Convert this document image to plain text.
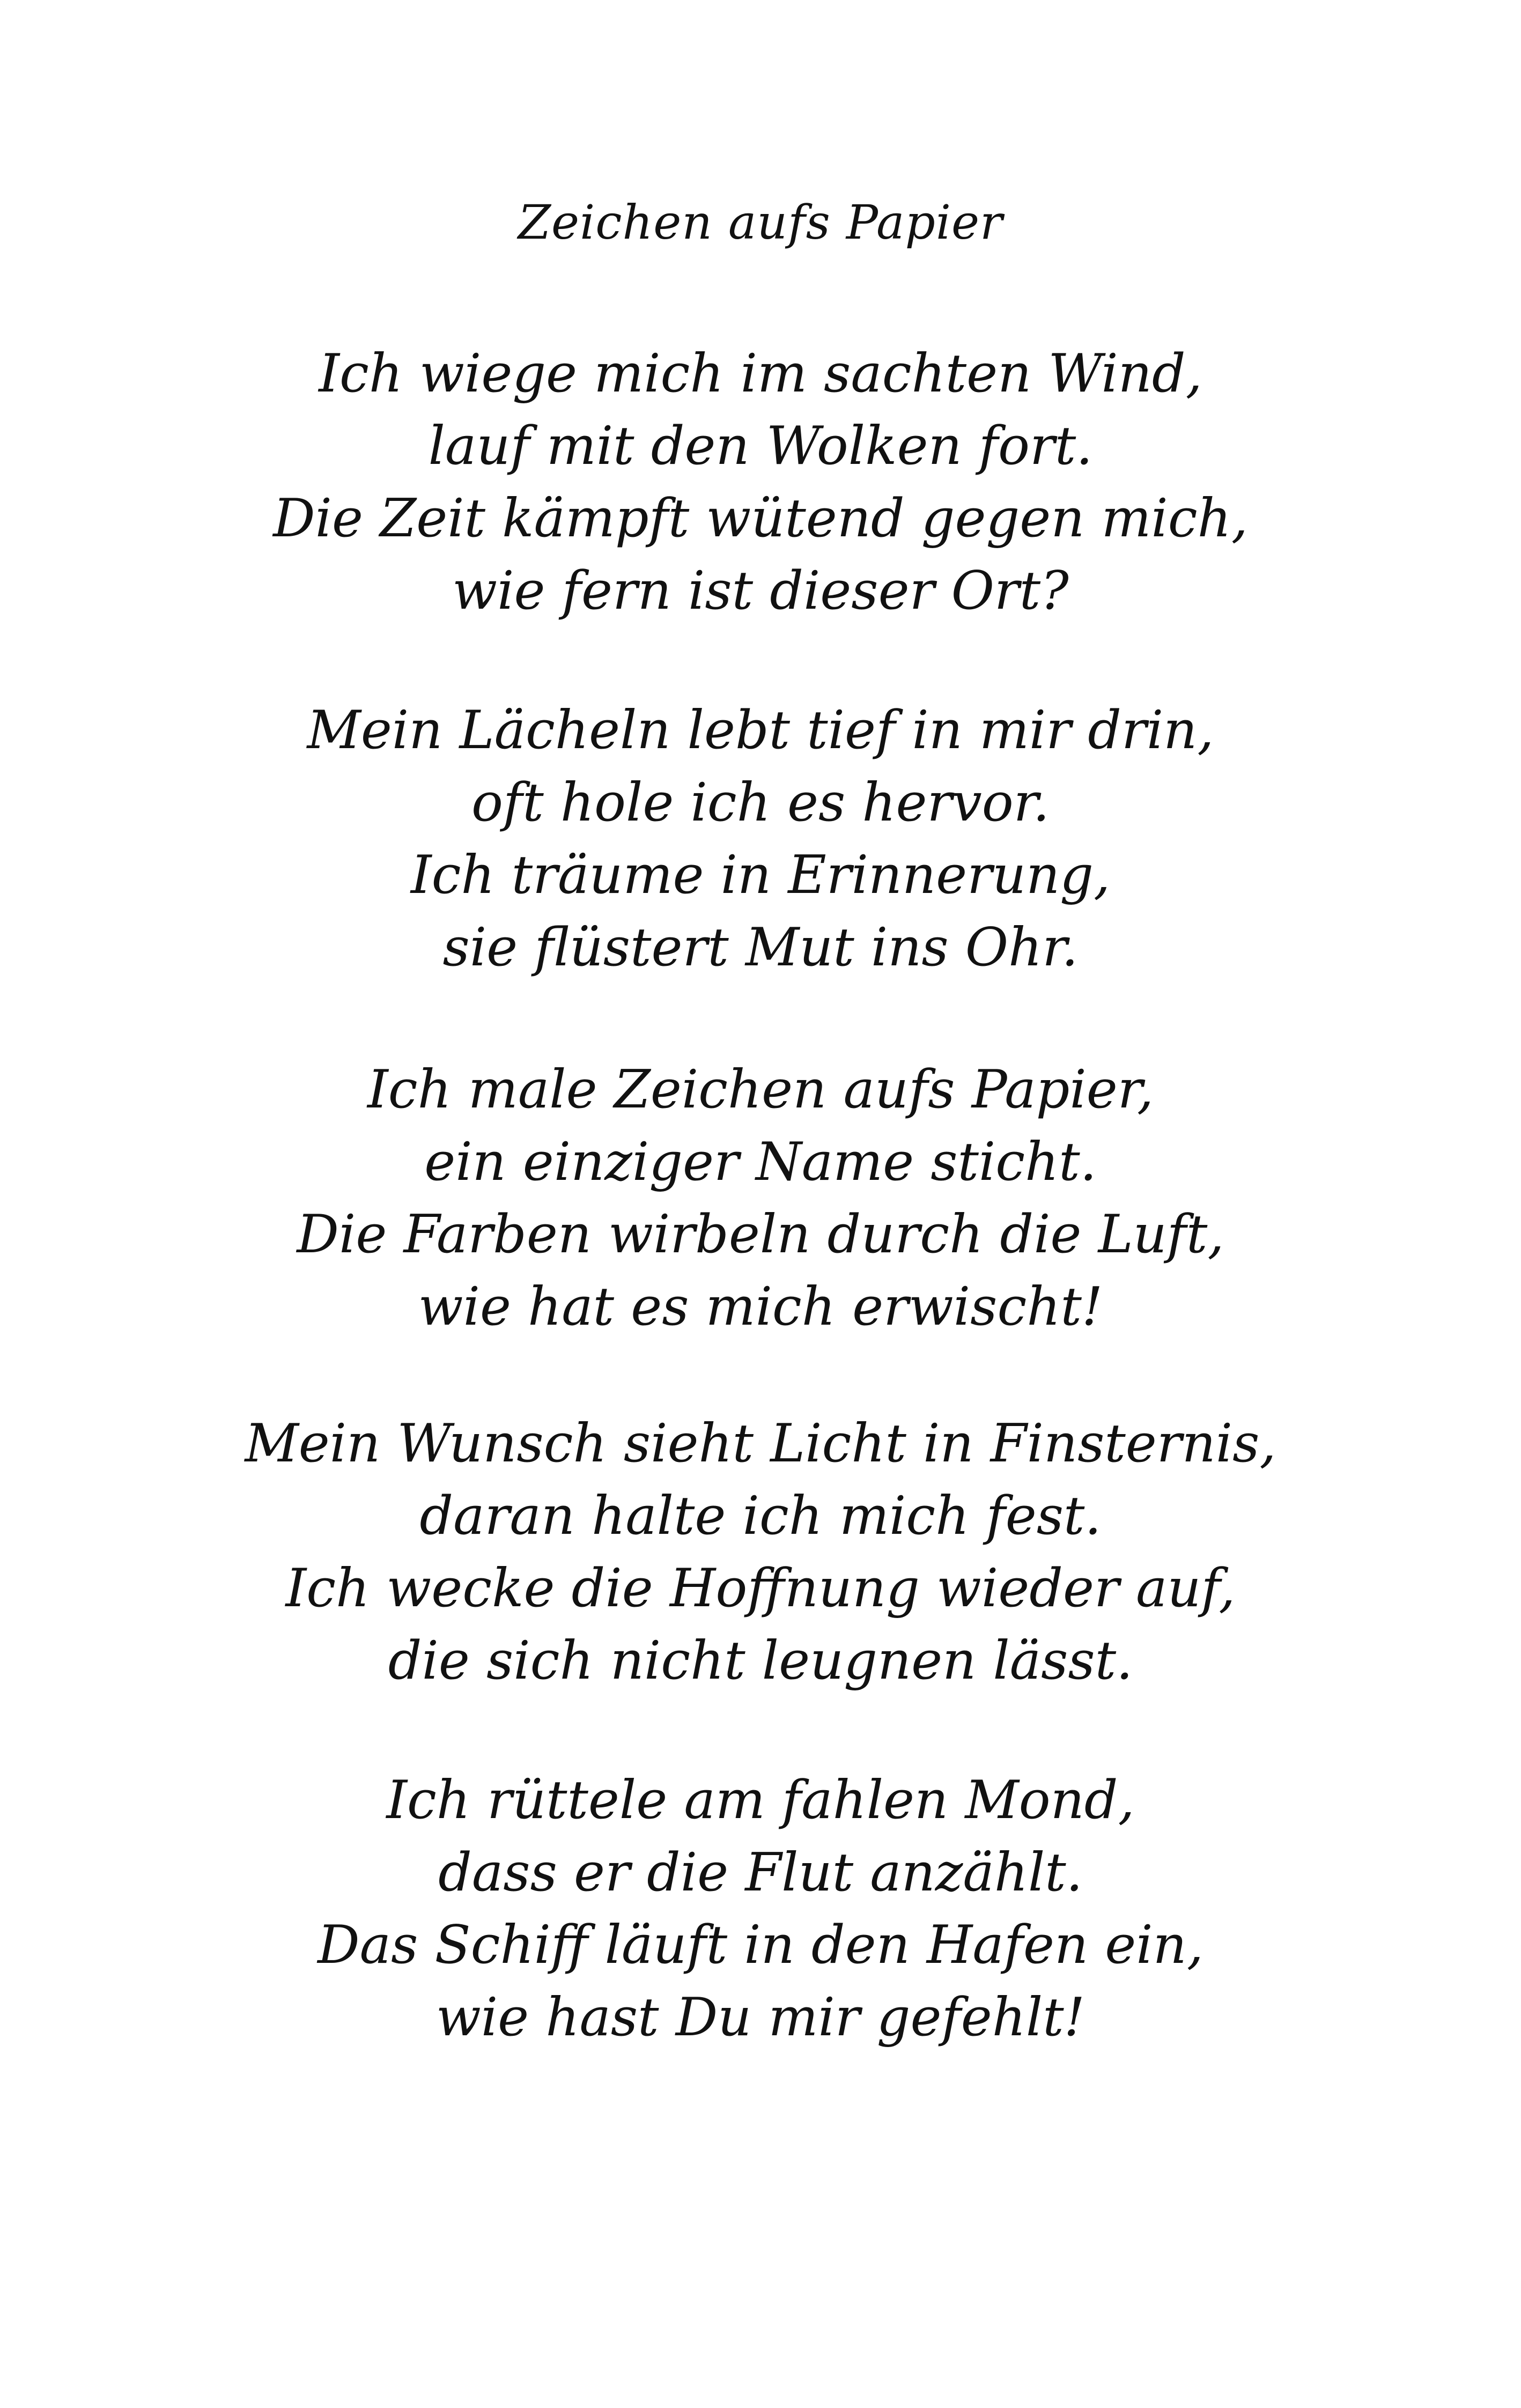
Zeichen aufs Papier
Ich wiege mich im sachten Wind,
lauf mit den Wolken fort.
Die Zeit kämpft wütend gegen mich,
wie fern ist dieser Ort?
Mein Lächeln lebt tief in mir drin,
oft hole ich es hervor.
Ich träume in Erinnerung,
sie flüstert Mut ins Ohr.
Ich male Zeichen aufs Papier,
ein einziger Name sticht.
Die Farben wirbeln durch die Luft,
wie hat es mich erwischt!
Mein Wunsch sieht Licht in Finsternis,
daran halte ich mich fest.
Ich wecke die Hoffnung wieder auf,
die sich nicht leugnen lässt.
Ich rüttele am fahlen Mond,
dass er die Flut anzählt.
Das Schiff läuft in den Hafen ein,
wie hast Du mir gefehlt!
